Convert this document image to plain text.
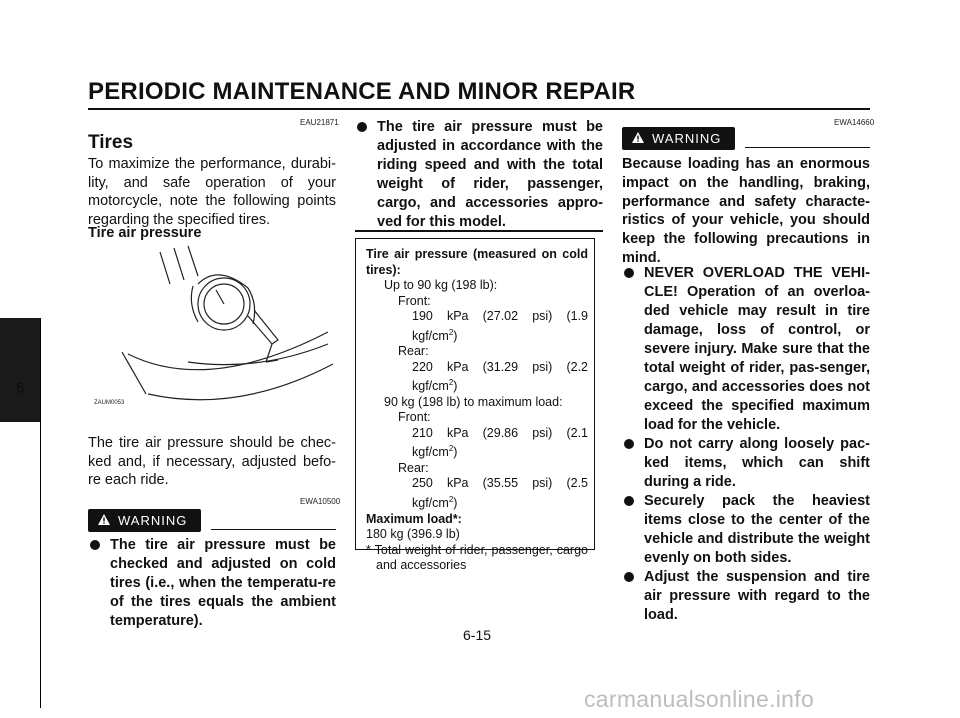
PERIODIC MAINTENANCE AND MINOR REPAIR
6
EAU21871
Tires
To maximize the performance, durabi-lity, and safe operation of your motorcycle, note the following points regarding the specified tires.
Tire air pressure
ZAUM0053
The tire air pressure should be chec-ked and, if necessary, adjusted befo-re each ride.
EWA10500
WARNING
The tire air pressure must be checked and adjusted on cold tires (i.e., when the temperatu-re of the tires equals the ambient temperature).
The tire air pressure must be adjusted in accordance with the riding speed and with the total weight of rider, passenger, cargo, and accessories appro-ved for this model.
Tire air pressure (measured on cold tires):
Up to 90 kg (198 lb):
Front:
190 kPa (27.02 psi) (1.9 kgf/$cm^2$)
Rear:
220 kPa (31.29 psi) (2.2 kgf/$cm^2$)
90 kg (198 lb) to maximum load:
Front:
210 kPa (29.86 psi) (2.1 kgf/$cm^2$)
Rear:
250 kPa (35.55 psi) (2.5 kgf/$cm^2$)
Maximum load*:
180 kg (396.9 lb)
* Total weight of rider, passenger, cargo and accessories
EWA14660
WARNING
Because loading has an enormous impact on the handling, braking, performance and safety characte-ristics of your vehicle, you should keep the following precautions in mind.
NEVER OVERLOAD THE VEHI-CLE! Operation of an overloa-ded vehicle may result in tire damage, loss of control, or severe injury. Make sure that the total weight of rider, pas-senger, cargo, and accessories does not exceed the specified maximum load for the vehicle.
Do not carry along loosely pac-ked items, which can shift during a ride.
Securely pack the heaviest items close to the center of the vehicle and distribute the weight evenly on both sides.
Adjust the suspension and tire air pressure with regard to the load.
6-15
carmanualsonline.info
